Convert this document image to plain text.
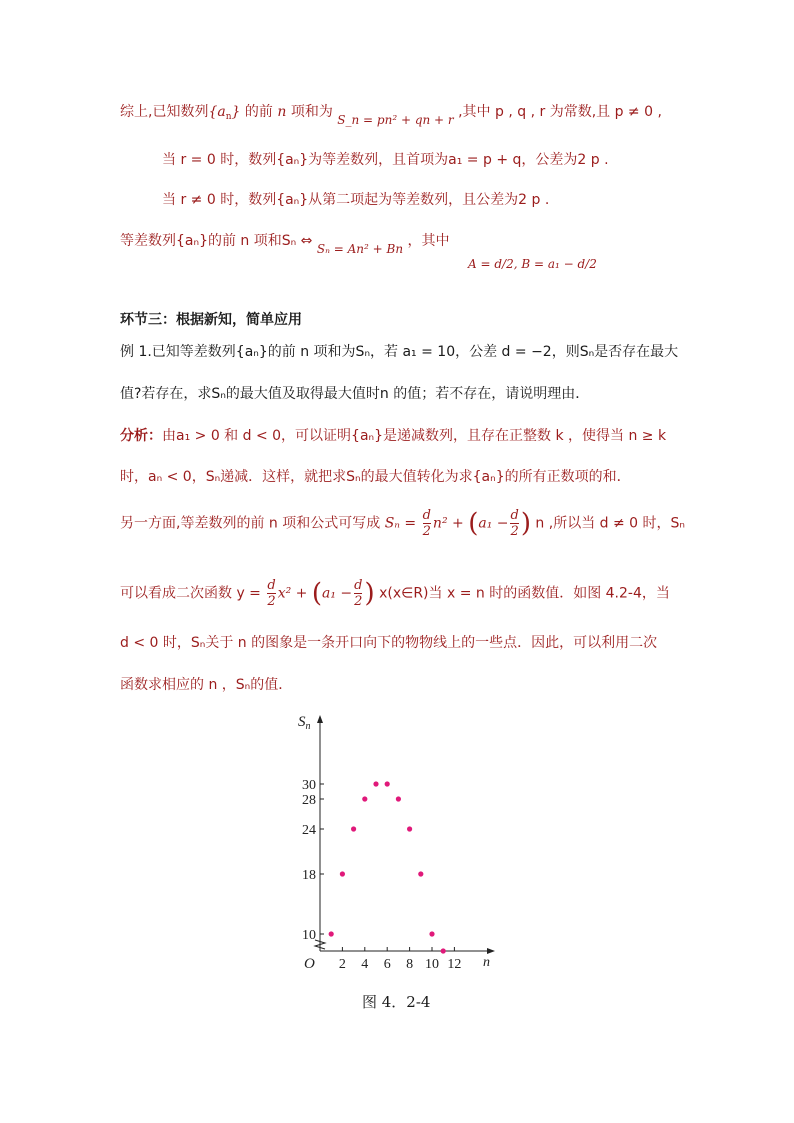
综上,已知数列$\{a_n\}$ 的前 n 项和为 S_n = pn² + qn + r ,其中 p , q , r 为常数,且 p ≠ 0 ,
当 r = 0 时，数列{aₙ}为等差数列，且首项为a₁ = p + q，公差为2 p .
当 r ≠ 0 时，数列{aₙ}从第二项起为等差数列，且公差为2 p .
等差数列{aₙ}的前 n 项和Sₙ ⇔ Sₙ = An² + Bn ，其中
A = d/2, B = a₁ − d/2
环节三：根据新知，简单应用
例 1.已知等差数列{aₙ}的前 n 项和为Sₙ，若 a₁ = 10，公差 d = −2，则Sₙ是否存在最大
值?若存在，求Sₙ的最大值及取得最大值时n 的值；若不存在，请说明理由．
分析：由a₁ > 0 和 d < 0，可以证明{aₙ}是递减数列，且存在正整数 k ，使得当 n ≥ k
时，aₙ < 0，Sₙ递减．这样，就把求Sₙ的最大值转化为求{aₙ}的所有正数项的和．
另一方面,等差数列的前 n 项和公式可写成 $S_n = \frac{d}{2} n^2 + (a_1 - \frac{d}{2}$ ) n ,所以当 d ≠ 0 时，Sₙ
可以看成二次函数 $y = \frac{d}{2} x^2 + (a_1 - \frac{d}{2}$ ) x(x∈R)当 x = n 时的函数值．如图 4.2-4，当
d < 0 时，Sₙ关于 n 的图象是一条开口向下的物物线上的一些点．因此，可以利用二次
函数求相应的 n ，Sₙ的值．
$S_n$
n
O 2 4 6 8 10 12
10
18
24
28
30
图 4．2-4
